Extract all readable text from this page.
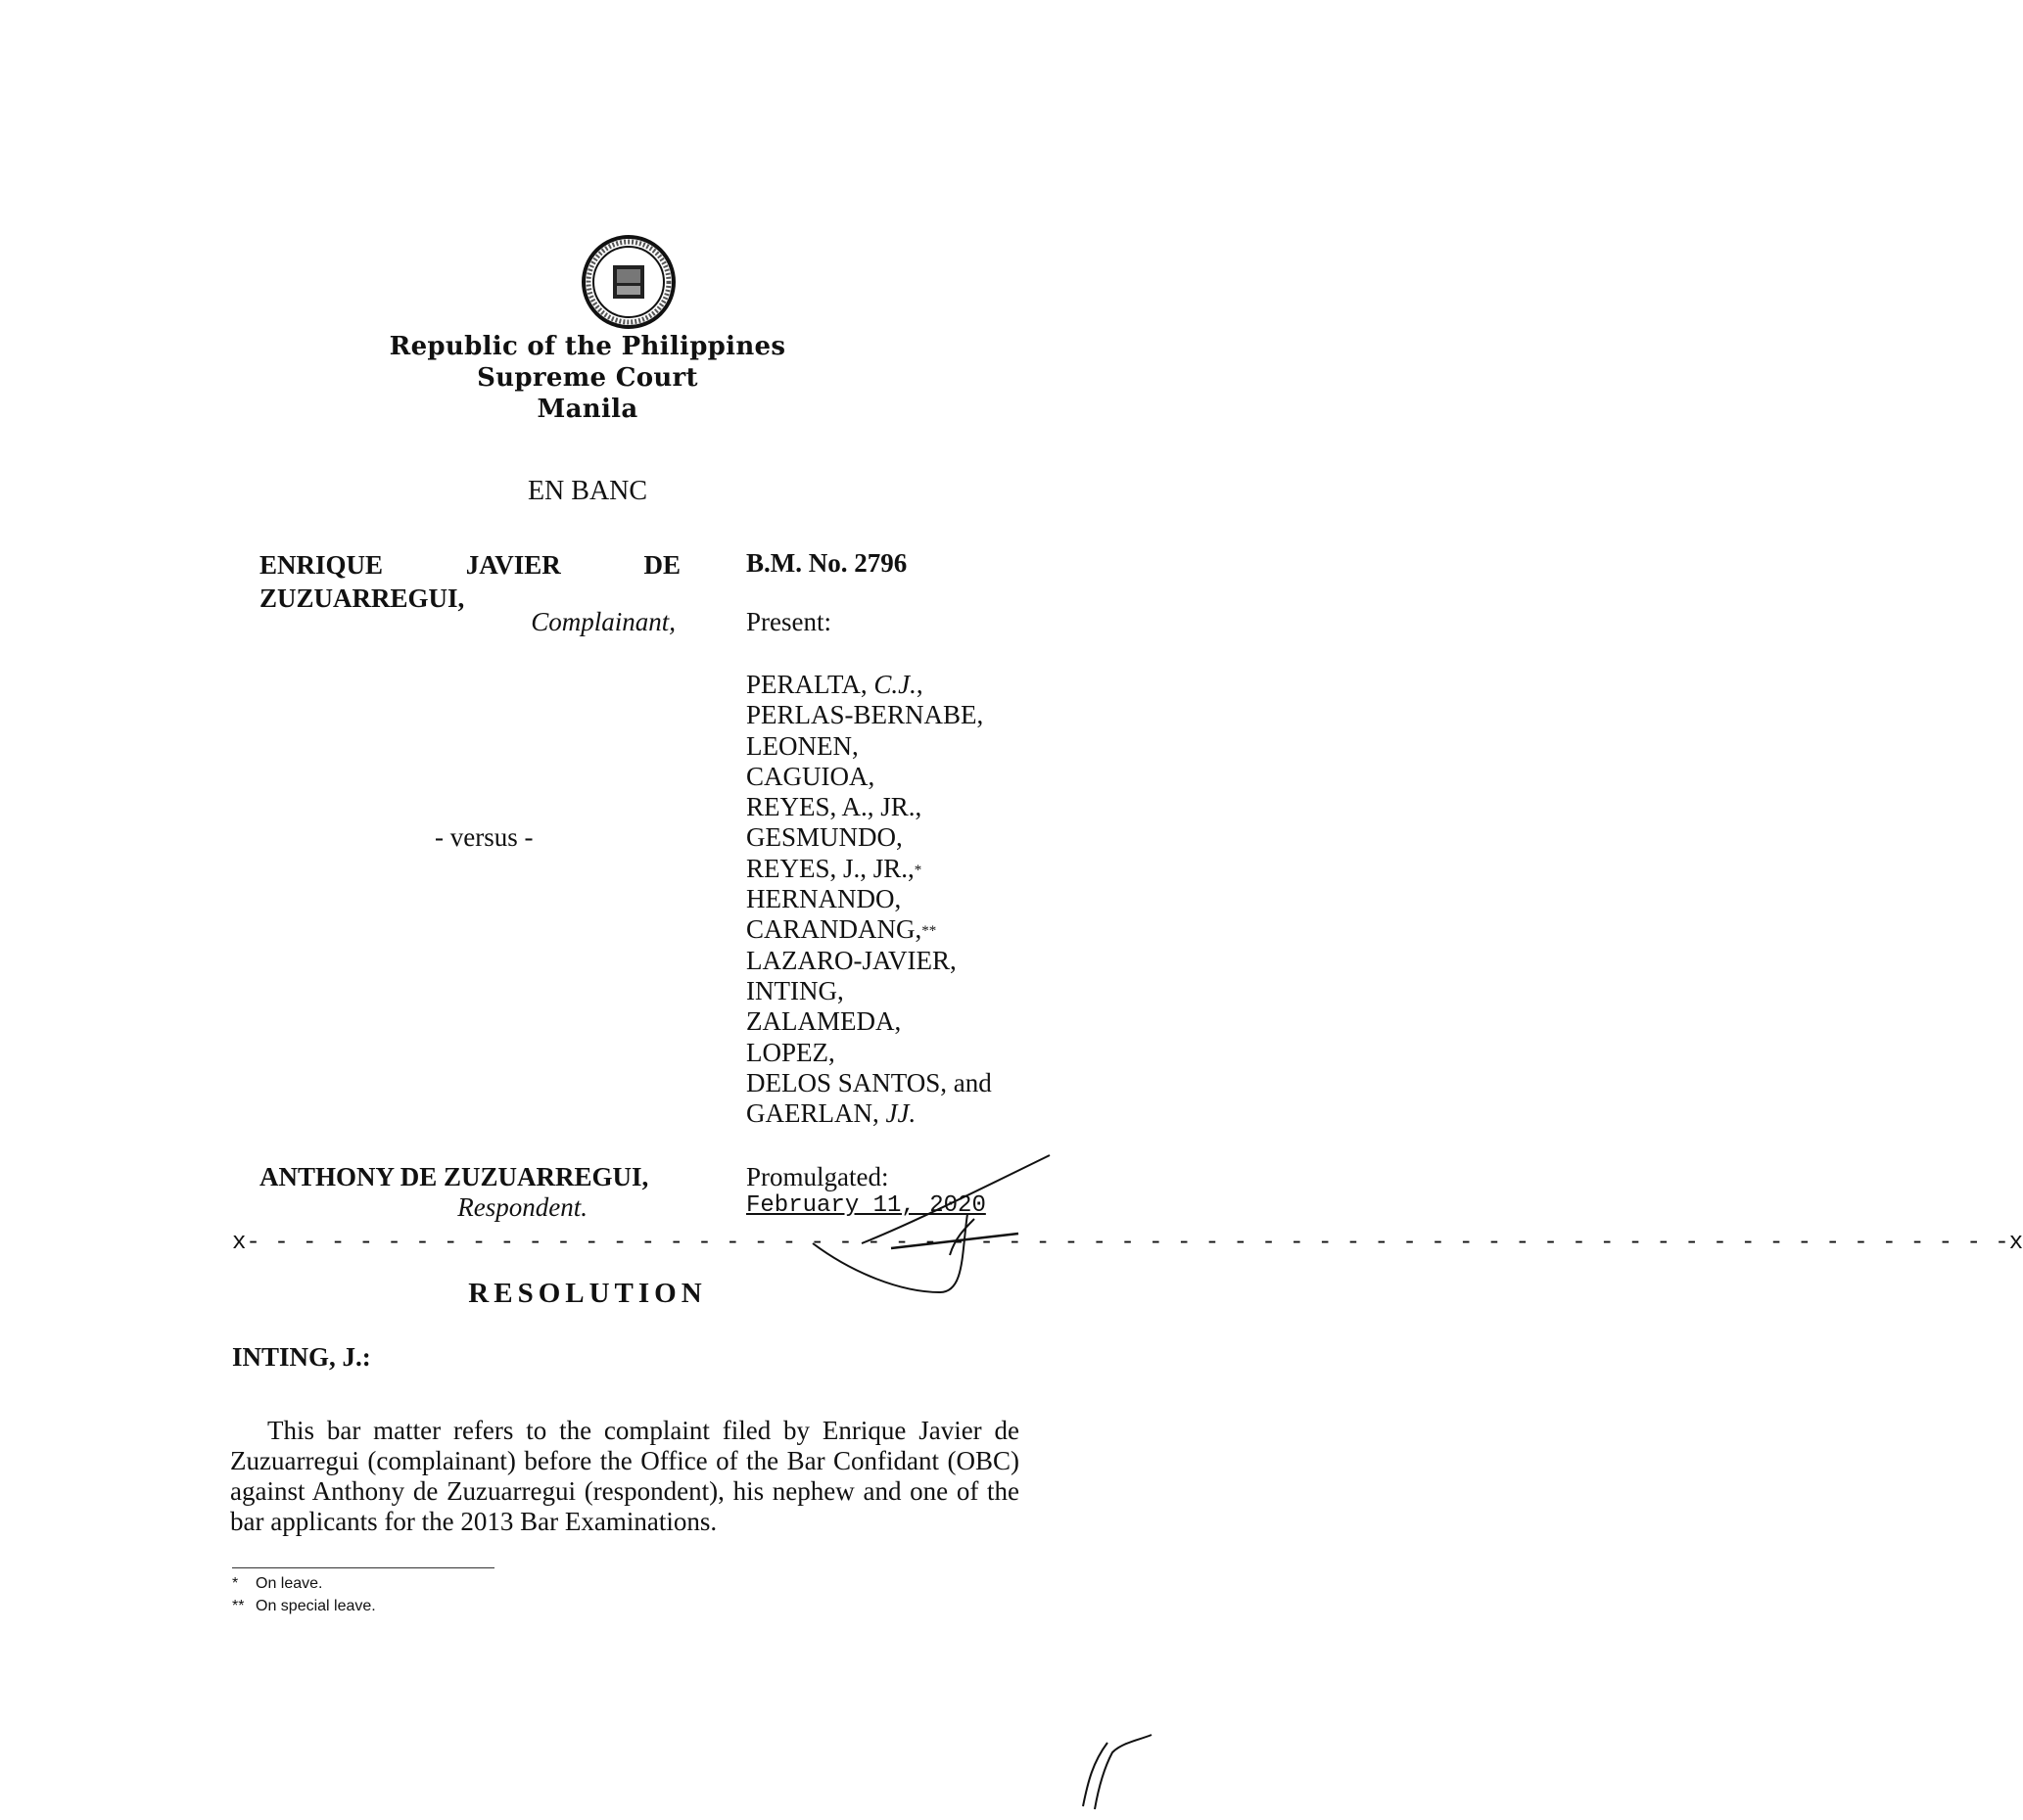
Republic of the Philippines
Supreme Court
Manila
EN BANC
ENRIQUE	JAVIER	DE
ZUZUARREGUI,
Complainant,
- versus -
B.M. No. 2796
Present:
PERALTA, C.J.,
PERLAS-BERNABE,
LEONEN,
CAGUIOA,
REYES, A., JR.,
GESMUNDO,
REYES, J., JR.,*
HERNANDO,
CARANDANG,**
LAZARO-JAVIER,
INTING,
ZALAMEDA,
LOPEZ,
DELOS SANTOS, and
GAERLAN, JJ.
ANTHONY DE ZUZUARREGUI,
Respondent.
Promulgated:
February 11, 2020
x- - - - - - - - - - - - - - - - - - - - - - - - - - - - - - - - - - - - - - - - - - - - - - - - - - - - - - - - - - - - - - -x
RESOLUTION
INTING, J.:
This bar matter refers to the complaint filed by Enrique Javier de Zuzuarregui (complainant) before the Office of the Bar Confidant (OBC) against Anthony de Zuzuarregui (respondent), his nephew and one of the bar applicants for the 2013 Bar Examinations.
* On leave.
** On special leave.
